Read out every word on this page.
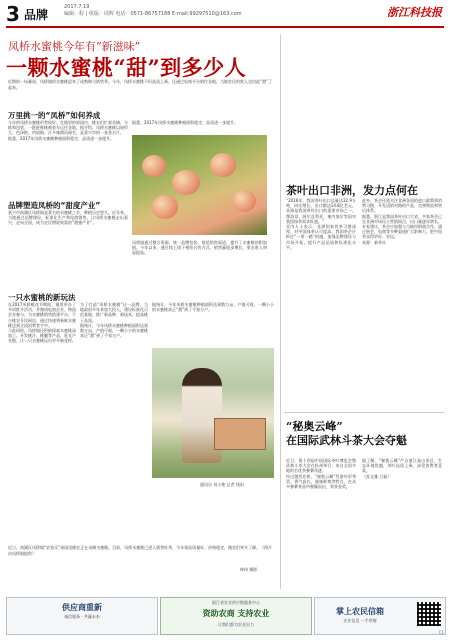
3 品牌
2017.7.19
编辑：程 | 组版：周辉 电话：0571-86757188 E-mail:99297510@163.com	浙江科技报
凤桥水蜜桃今年有“新滋味”
一颗水蜜桃“甜”到多少人
近期的一场暴雨，凤桥镇的水蜜桃迎来了成熟期与销售季。今年，凤桥水蜜桃不但品质上乘，还通过电商平台销往各地，当地农民的收入也由此“甜”了起来。
万里挑一的“凤桥”如何养成
今年的凤桥水蜜桃形势较好。在镇里的果园内，桃农们忙着采摘、分拣和包装，一批批鲜桃被装车运往各地。据介绍，凤桥水蜜桃以果形大、色泽艳、肉质细、汁多味甜而闻名，是嘉兴市的一张金名片。
据悉，2017年凤桥水蜜桃种植面积稳定，品质进一步提升。
据悉，2017年凤桥水蜜桃种植面积稳定，品质进一步提升。
品牌塑造凤桥的“甜度产业”
嘉兴市南湖区凤桥镇是著名的水蜜桃之乡，种植历史悠久。近年来，当地通过品牌建设、标准化生产和电商销售，让凤桥水蜜桃走出嘉兴，走向全国，成为农民增收致富的“甜蜜产业”。
凤桥镇通过整合资源、统一品牌包装、规范销售渠道，提升了水蜜桃的附加值。今年以来，通过线上线下相结合的方式，销售量稳步增长，果农收入明显提高。
一只水蜜桃的新玩法
在2017凤桥桃花节期间，镇里举办了多项推介活动，并邀请电商企业、物流企业参与，为水蜜桃销售搭建平台。不少桃农开设网店，通过快递将新鲜水蜜桃送到全国消费者手中。
与此同时，凤桥镇还积极探索水蜜桃深加工，开发桃汁、桃脯等产品，延长产业链，让一只水蜜桃玩出更多新花样。
为了打造“凤桥水蜜桃”这一品牌，当地政府多年来加大投入，建设标准化示范基地，推广新品种、新技术，提高桃子品质。
据统计，今年凤桥水蜜桃种植面积达到数万亩，产值可观，一颗小小的水蜜桃真正“甜”到了千家万户。
据统计，今年凤桥水蜜桃种植面积达到数万亩，产值可观，一颗小小的水蜜桃真正“甜”到了千家万户。
通讯员 刘小艳 记者 钱雨
近日，南湖区凤桥镇“农家乐”果园里桃农正在采摘水蜜桃。目前，凤桥水蜜桃已进入销售旺季，今年果品质量好、价格稳定，桃农们笑开了颜。（图片由凤桥镇提供）
钟伟 摄影
茶叶出口非洲，发力点何在
“2016年，我国茶叶出口总量达32.9万吨，同比增长，出口额达14.8亿美元。非洲是我国茶叶出口的重要市场之一，摩洛哥、阿尔及利亚、塞内加尔等国对我国绿茶需求旺盛。”
业内人士表示，非洲国家饮茶习惯深厚，对中国绿茶认可度高。我国茶企应抓住“一带一路”机遇，加强品牌建设与市场开拓，提升产品品质和标准化水平。
此外，茶企还需关注非洲各国的进口政策和消费习惯，开发适销对路的产品，完善物流和售后体系。
据悉，浙江是我国茶叶出口大省，多家茶企已在非洲市场设立营销网点，出口量逐年增长。
专家建议，茶企应加强与当地经销商合作，通过展会、电商等多种渠道扩大影响力，把中国茶卖得更好、更远。
来源：新华社
“秘奥云峰”
在国际武林斗茶大会夺魁
近日，第十四届中国国际茶叶博览会暨武林斗茶大会在杭州举行，来自全国多地的名优茶参赛角逐。
经过激烈比拼，“秘奥云峰”凭借外形秀美、香气高长、滋味鲜爽等特点，在众多参赛茶品中脱颖而出，荣获金奖。
据了解，“秘奥云峰”产自浙江高山茶区，生态环境优越，茶叶品质上乘，深受消费者喜爱。
（苏文雅 吕磊）
供应商重新
诚信服务 · 共赢未来
浙江省农业供应链服务中心
资助农商 支持农业
让我们都为农业出力
掌上农民信箱
农业信息 一手掌握
C1
